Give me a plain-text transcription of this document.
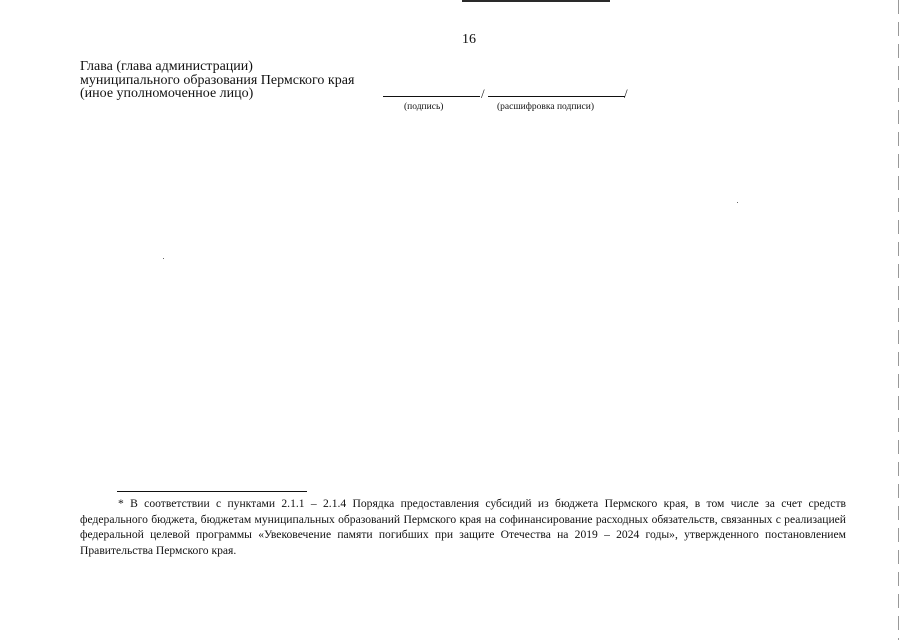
16
Глава (глава администрации)
муниципального образования Пермского края
(иное уполномоченное лицо)	/	/
(подпись)	(расшифровка подписи)
* В соответствии с пунктами 2.1.1 – 2.1.4 Порядка предоставления субсидий из бюджета Пермского края, в том числе за счет средств федерального бюджета, бюджетам муниципальных образований Пермского края на софинансирование расходных обязательств, связанных с реализацией федеральной целевой программы «Увековечение памяти погибших при защите Отечества на 2019 – 2024 годы», утвержденного постановлением Правительства Пермского края.
